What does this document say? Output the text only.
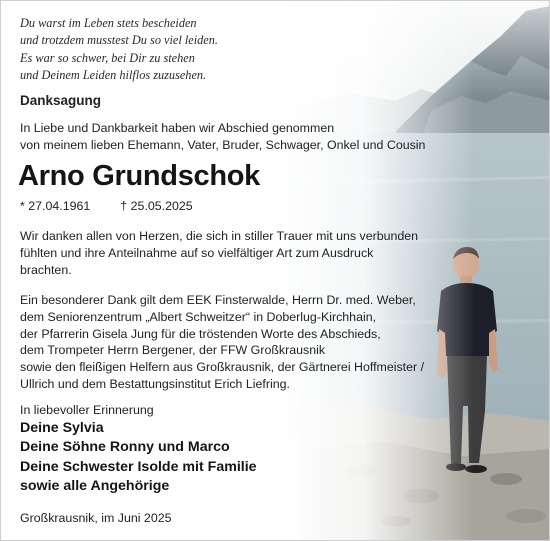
Du warst im Leben stets bescheiden
und trotzdem musstest Du so viel leiden.
Es war so schwer, bei Dir zu stehen
und Deinem Leiden hilflos zuzusehen.
Danksagung
In Liebe und Dankbarkeit haben wir Abschied genommen
von meinem lieben Ehemann, Vater, Bruder, Schwager, Onkel und Cousin
Arno Grundschok
* 27.04.1961 † 25.05.2025
Wir danken allen von Herzen, die sich in stiller Trauer mit uns verbunden
fühlten und ihre Anteilnahme auf so vielfältiger Art zum Ausdruck
brachten.
Ein besonderer Dank gilt dem EEK Finsterwalde, Herrn Dr. med. Weber,
dem Seniorenzentrum „Albert Schweitzer“ in Doberlug-Kirchhain,
der Pfarrerin Gisela Jung für die tröstenden Worte des Abschieds,
dem Trompeter Herrn Bergener, der FFW Großkrausnik
sowie den fleißigen Helfern aus Großkrausnik, der Gärtnerei Hoffmeister /
Ullrich und dem Bestattungsinstitut Erich Liefring.
In liebevoller Erinnerung
Deine Sylvia
Deine Söhne Ronny und Marco
Deine Schwester Isolde mit Familie
sowie alle Angehörige
Großkrausnik, im Juni 2025
